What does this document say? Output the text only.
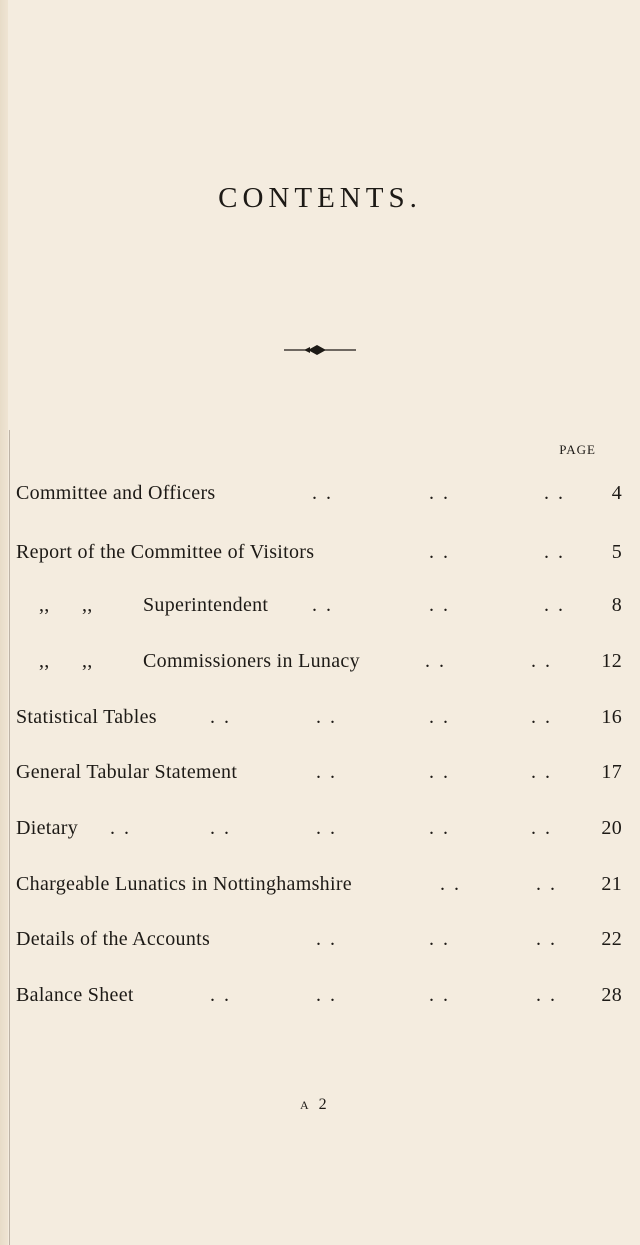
CONTENTS.
PAGE
Committee and Officers	. .	. .	. .	4
Report of the Committee of Visitors	. .	. .	5
,, ,,	Superintendent . .	. .	. .	8
,, ,,	Commissioners in Lunacy	. .	. .	12
Statistical Tables	. .	. .	. .	. .	16
General Tabular Statement	. .	. .	. .	17
Dietary . .	. .	. .	. .	. .	20
Chargeable Lunatics in Nottinghamshire	. .	. .	21
Details of the Accounts	. .	. .	. .	22
Balance Sheet	. .	. .	. .	. .	28
A 2
